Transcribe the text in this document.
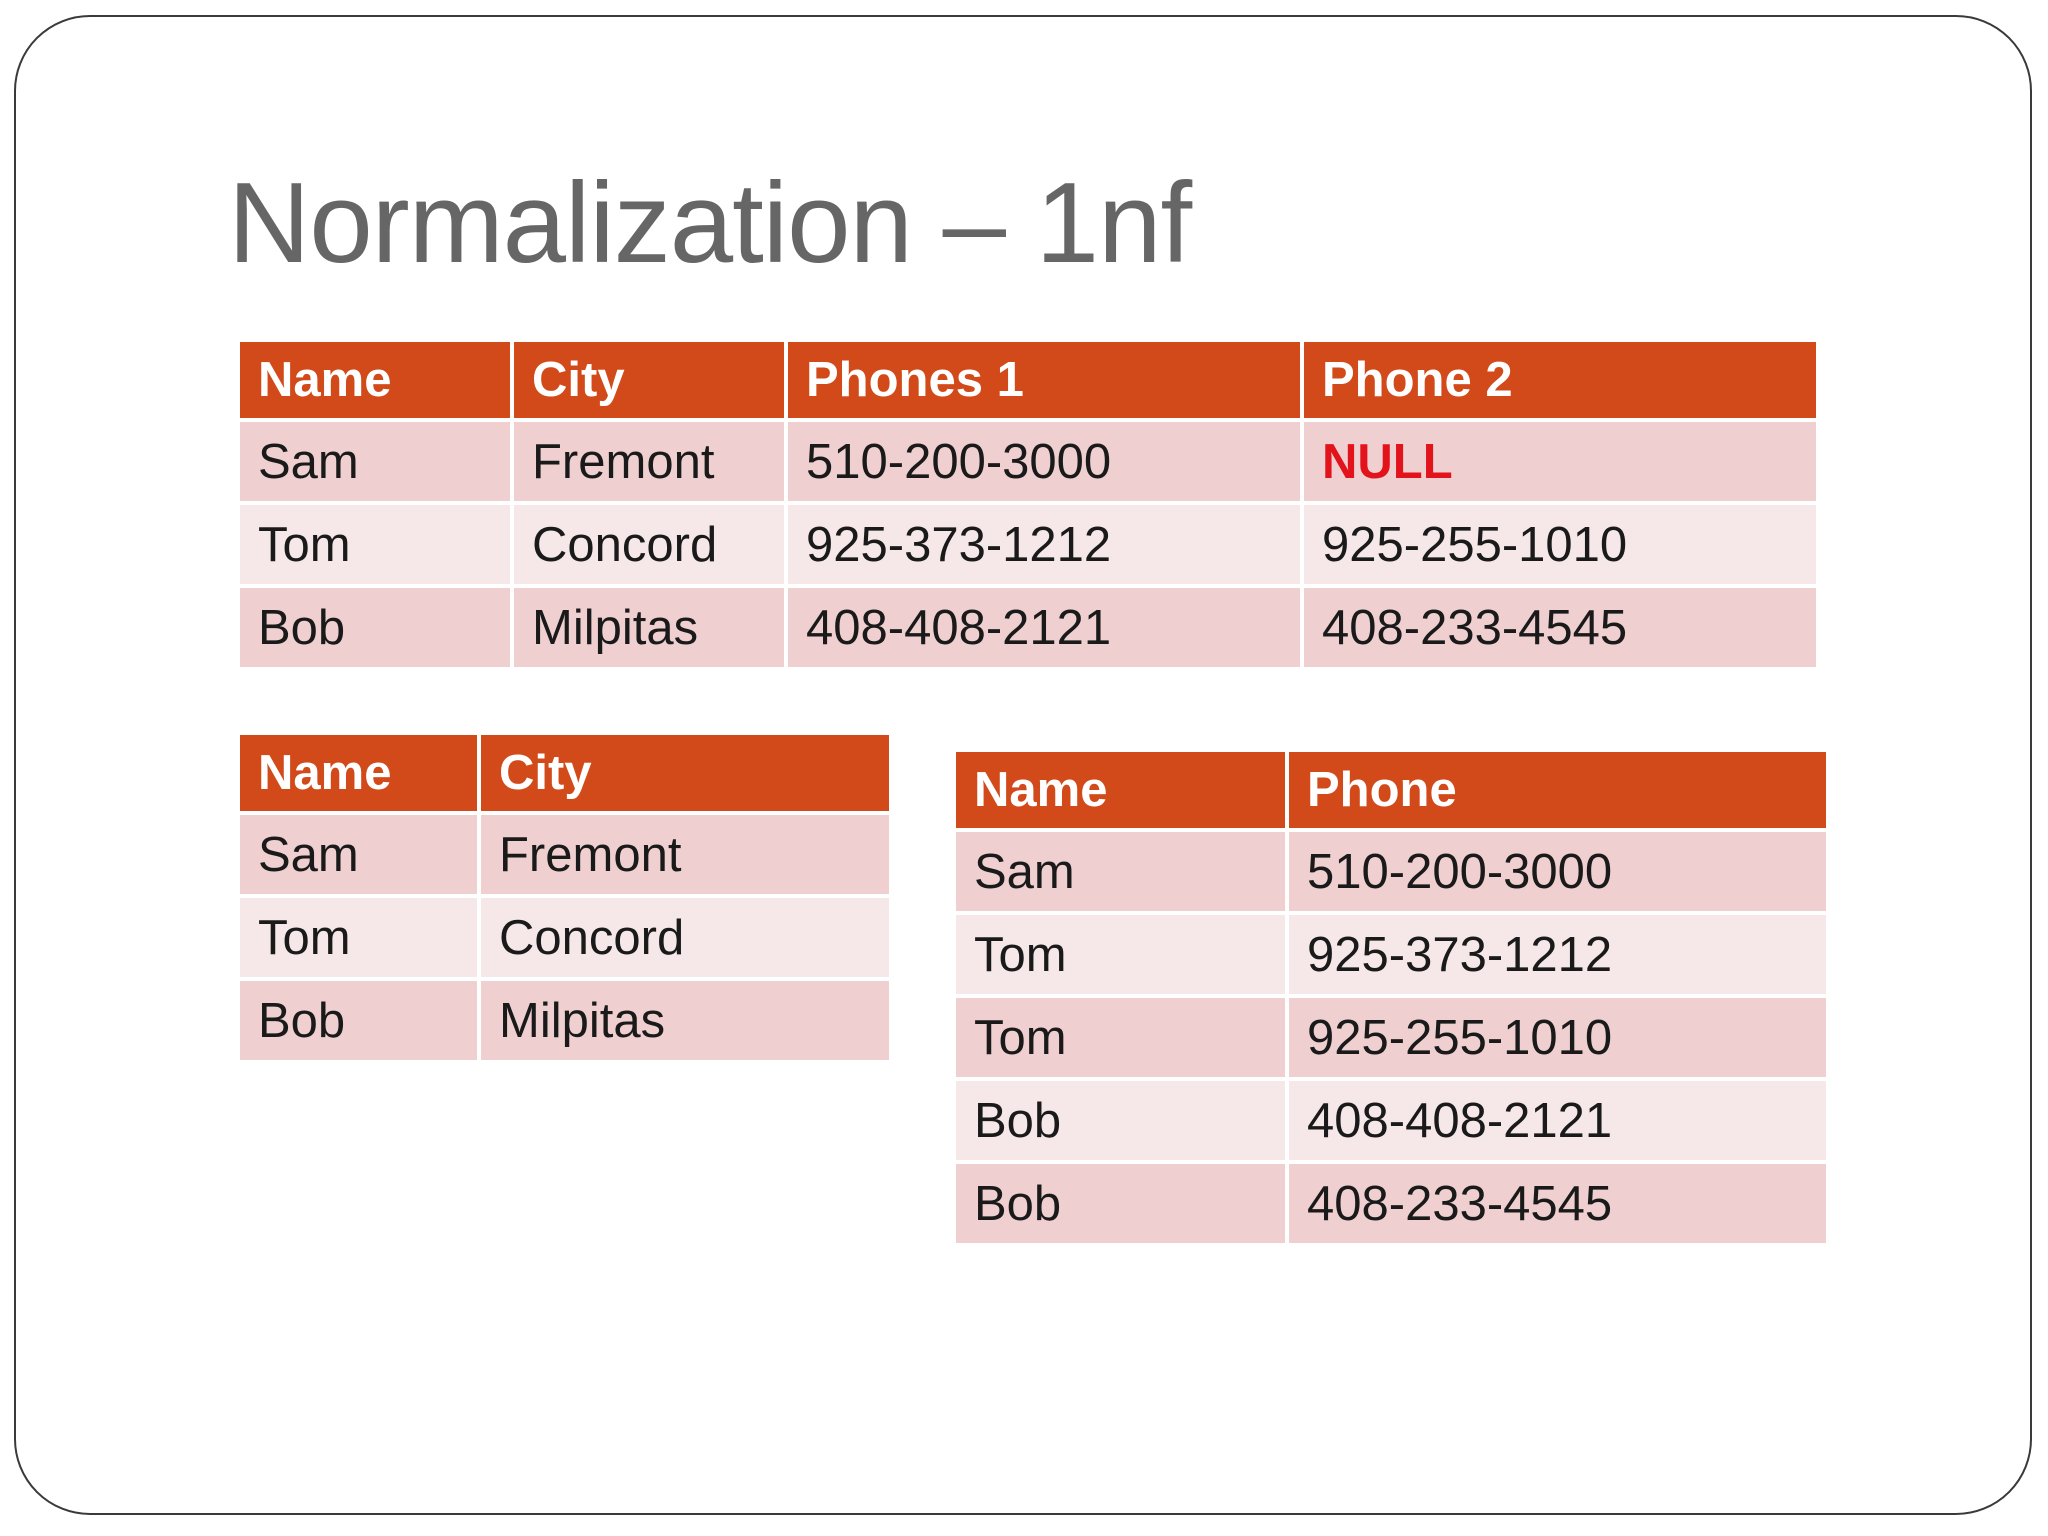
Normalization – 1nf
Name	City	Phones 1	Phone 2
Sam	Fremont	510-200-3000	NULL
Tom	Concord	925-373-1212	925-255-1010
Bob	Milpitas	408-408-2121	408-233-4545
Name	City
Sam	Fremont
Tom	Concord
Bob	Milpitas
Name	Phone
Sam	510-200-3000
Tom	925-373-1212
Tom	925-255-1010
Bob	408-408-2121
Bob	408-233-4545
